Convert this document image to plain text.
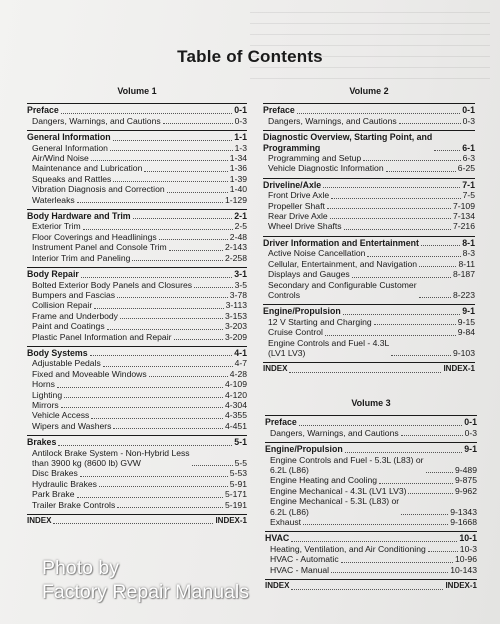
Table of Contents
Volume 1
Preface	0-1
Dangers, Warnings, and Cautions	0-3
General Information	1-1
General Information	1-3
Air/Wind Noise	1-34
Maintenance and Lubrication	1-36
Squeaks and Rattles	1-39
Vibration Diagnosis and Correction	1-40
Waterleaks	1-129
Body Hardware and Trim	2-1
Exterior Trim	2-5
Floor Coverings and Headlinings	2-48
Instrument Panel and Console Trim	2-143
Interior Trim and Paneling	2-258
Body Repair	3-1
Bolted Exterior Body Panels and Closures	3-5
Bumpers and Fascias	3-78
Collision Repair	3-113
Frame and Underbody	3-153
Paint and Coatings	3-203
Plastic Panel Information and Repair	3-209
Body Systems	4-1
Adjustable Pedals	4-7
Fixed and Moveable Windows	4-28
Horns	4-109
Lighting	4-120
Mirrors	4-304
Vehicle Access	4-355
Wipers and Washers	4-451
Brakes	5-1
Antilock Brake System - Non-Hybrid Less
than 3900 kg (8600 lb) GVW	5-5
Disc Brakes	5-53
Hydraulic Brakes	5-91
Park Brake	5-171
Trailer Brake Controls	5-191
INDEX	INDEX-1
Volume 2
Preface	0-1
Dangers, Warnings, and Cautions	0-3
Diagnostic Overview, Starting Point, and
Programming	6-1
Programming and Setup	6-3
Vehicle Diagnostic Information	6-25
Driveline/Axle	7-1
Front Drive Axle	7-5
Propeller Shaft	7-109
Rear Drive Axle	7-134
Wheel Drive Shafts	7-216
Driver Information and Entertainment	8-1
Active Noise Cancellation	8-3
Cellular, Entertainment, and Navigation	8-11
Displays and Gauges	8-187
Secondary and Configurable Customer
Controls	8-223
Engine/Propulsion	9-1
12 V Starting and Charging	9-15
Cruise Control	9-84
Engine Controls and Fuel - 4.3L
(LV1 LV3)	9-103
INDEX	INDEX-1
Volume 3
Preface	0-1
Dangers, Warnings, and Cautions	0-3
Engine/Propulsion	9-1
Engine Controls and Fuel - 5.3L (L83) or
6.2L (L86)	9-489
Engine Heating and Cooling	9-875
Engine Mechanical - 4.3L (LV1 LV3)	9-962
Engine Mechanical - 5.3L (L83) or
6.2L (L86)	9-1343
Exhaust	9-1668
HVAC	10-1
Heating, Ventilation, and Air Conditioning	10-3
HVAC - Automatic	10-96
HVAC - Manual	10-143
INDEX	INDEX-1
Photo by
Factory Repair Manuals
